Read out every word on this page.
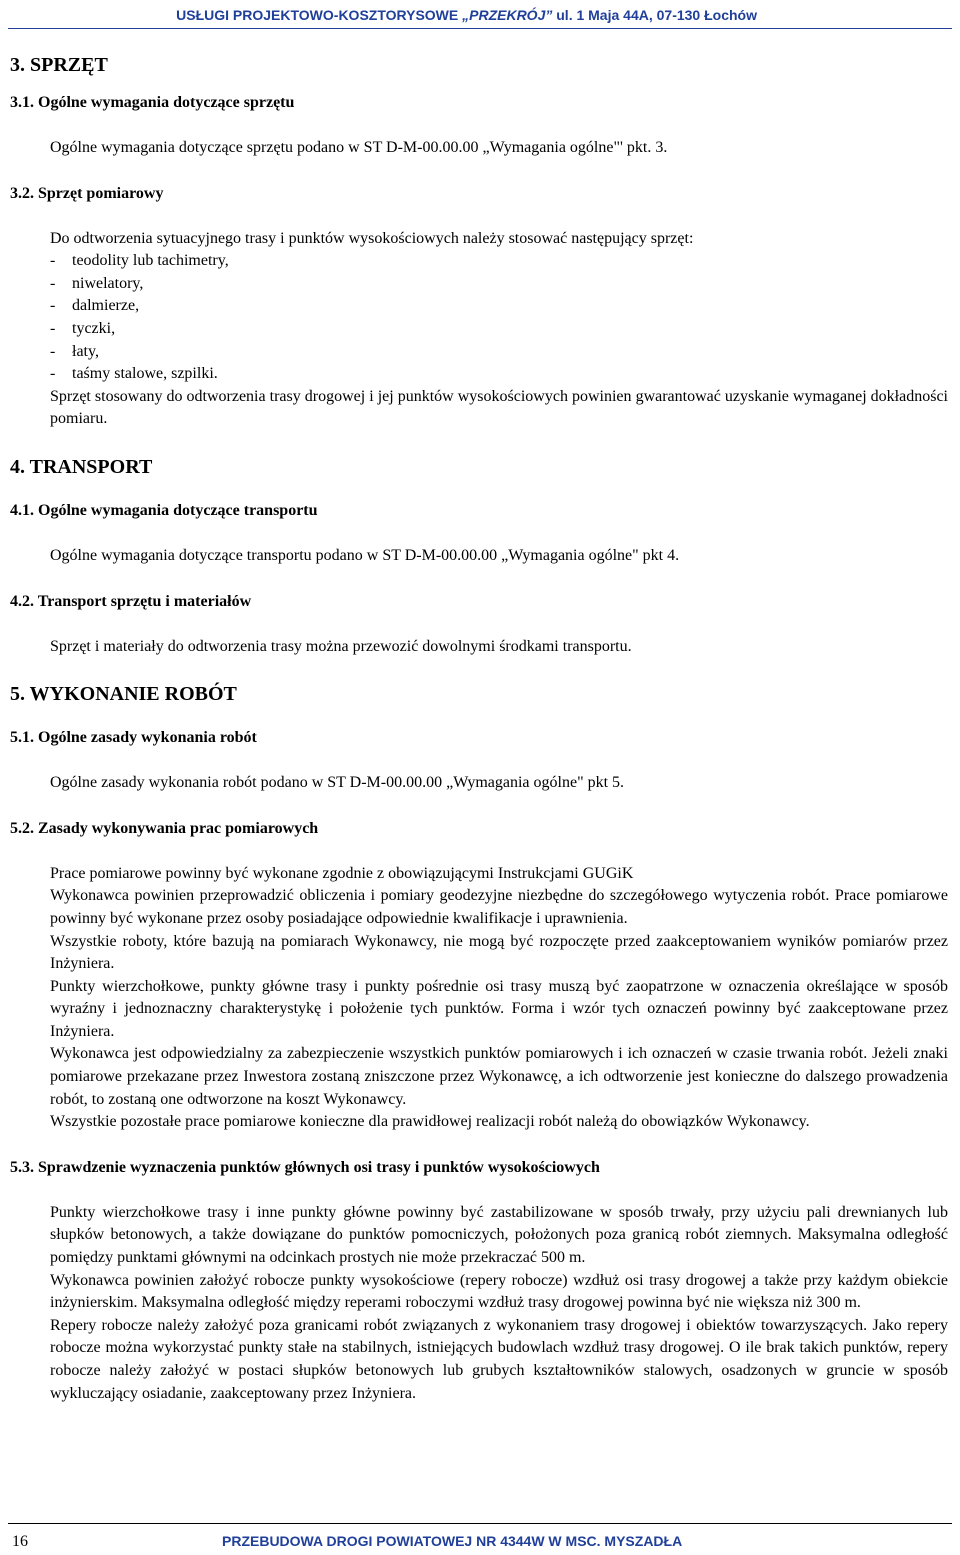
USŁUGI PROJEKTOWO-KOSZTORYSOWE „PRZEKRÓJ” ul. 1 Maja 44A, 07-130 Łochów
3. SPRZĘT
3.1. Ogólne wymagania dotyczące sprzętu

Ogólne wymagania dotyczące sprzętu podano w ST D-M-00.00.00 „Wymagania ogólne"' pkt. 3.

3.2. Sprzęt pomiarowy

Do odtworzenia sytuacyjnego trasy i punktów wysokościowych należy stosować następujący sprzęt:

- teodolity lub tachimetry,
- niwelatory,
- dalmierze,
- tyczki,
- łaty,
- taśmy stalowe, szpilki.

Sprzęt stosowany do odtworzenia trasy drogowej i jej punktów wysokościowych powinien gwarantować uzyskanie wymaganej dokładności pomiaru.

4. TRANSPORT
4.1. Ogólne wymagania dotyczące transportu

Ogólne wymagania dotyczące transportu podano w ST D-M-00.00.00 „Wymagania ogólne" pkt 4.

4.2. Transport sprzętu i materiałów

Sprzęt i materiały do odtworzenia trasy można przewozić dowolnymi środkami transportu.

5. WYKONANIE ROBÓT
5.1. Ogólne zasady wykonania robót

Ogólne zasady wykonania robót podano w ST D-M-00.00.00 „Wymagania ogólne" pkt 5.

5.2. Zasady wykonywania prac pomiarowych

Prace pomiarowe powinny być wykonane zgodnie z obowiązującymi Instrukcjami GUGiK

Wykonawca powinien przeprowadzić obliczenia i pomiary geodezyjne niezbędne do szczegółowego wytyczenia robót. Prace pomiarowe powinny być wykonane przez osoby posiadające odpowiednie kwalifikacje i uprawnienia.

Wszystkie roboty, które bazują na pomiarach Wykonawcy, nie mogą być rozpoczęte przed zaakceptowaniem wyników pomiarów przez Inżyniera.

Punkty wierzchołkowe, punkty główne trasy i punkty pośrednie osi trasy muszą być zaopatrzone w oznaczenia określające w sposób wyraźny i jednoznaczny charakterystykę i położenie tych punktów. Forma i wzór tych oznaczeń powinny być zaakceptowane przez Inżyniera.

Wykonawca jest odpowiedzialny za zabezpieczenie wszystkich punktów pomiarowych i ich oznaczeń w czasie trwania robót. Jeżeli znaki pomiarowe przekazane przez Inwestora zostaną zniszczone przez Wykonawcę, a ich odtworzenie jest konieczne do dalszego prowadzenia robót, to zostaną one odtworzone na koszt Wykonawcy.

Wszystkie pozostałe prace pomiarowe konieczne dla prawidłowej realizacji robót należą do obowiązków Wykonawcy.

5.3. Sprawdzenie wyznaczenia punktów głównych osi trasy i punktów wysokościowych

Punkty wierzchołkowe trasy i inne punkty główne powinny być zastabilizowane w sposób trwały, przy użyciu pali drewnianych lub słupków betonowych, a także dowiązane do punktów pomocniczych, położonych poza granicą robót ziemnych. Maksymalna odległość pomiędzy punktami głównymi na odcinkach prostych nie może przekraczać 500 m.

Wykonawca powinien założyć robocze punkty wysokościowe (repery robocze) wzdłuż osi trasy drogowej a także przy każdym obiekcie inżynierskim. Maksymalna odległość między reperami roboczymi wzdłuż trasy drogowej powinna być nie większa niż 300 m.

Repery robocze należy założyć poza granicami robót związanych z wykonaniem trasy drogowej i obiektów towarzyszących. Jako repery robocze można wykorzystać punkty stałe na stabilnych, istniejących budowlach wzdłuż trasy drogowej. O ile brak takich punktów, repery robocze należy założyć w postaci słupków betonowych lub grubych kształtowników stalowych, osadzonych w gruncie w sposób wykluczający osiadanie, zaakceptowany przez Inżyniera.

16	PRZEBUDOWA DROGI POWIATOWEJ NR 4344W W MSC. MYSZADŁA
